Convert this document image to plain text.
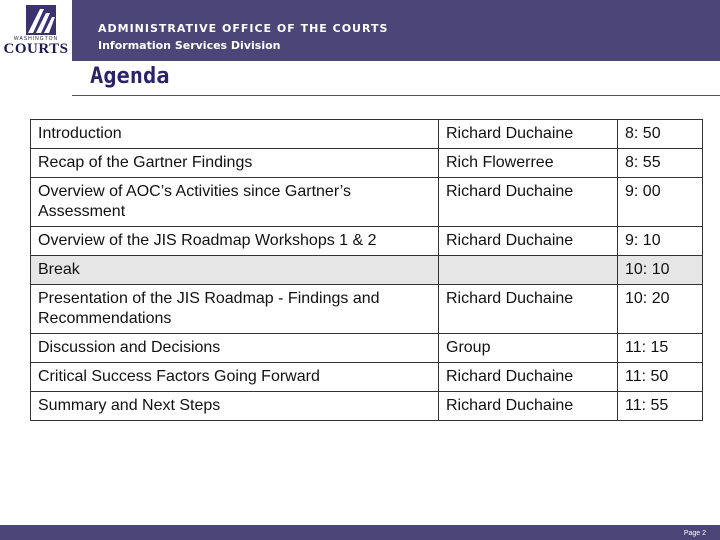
WASHINGTON
COURTS
ADMINISTRATIVE OFFICE OF THE COURTS
Information Services Division
Agenda
Introduction	Richard Duchaine	8: 50
Recap of the Gartner Findings	Rich Flowerree	8: 55
Overview of AOC’s Activities since Gartner’s Assessment	Richard Duchaine	9: 00
Overview of the JIS Roadmap Workshops 1 & 2	Richard Duchaine	9: 10
Break		10: 10
Presentation of the JIS Roadmap - Findings and Recommendations	Richard Duchaine	10: 20
Discussion and Decisions	Group	11: 15
Critical Success Factors Going Forward	Richard Duchaine	11: 50
Summary and Next Steps	Richard Duchaine	11: 55
Page 2
